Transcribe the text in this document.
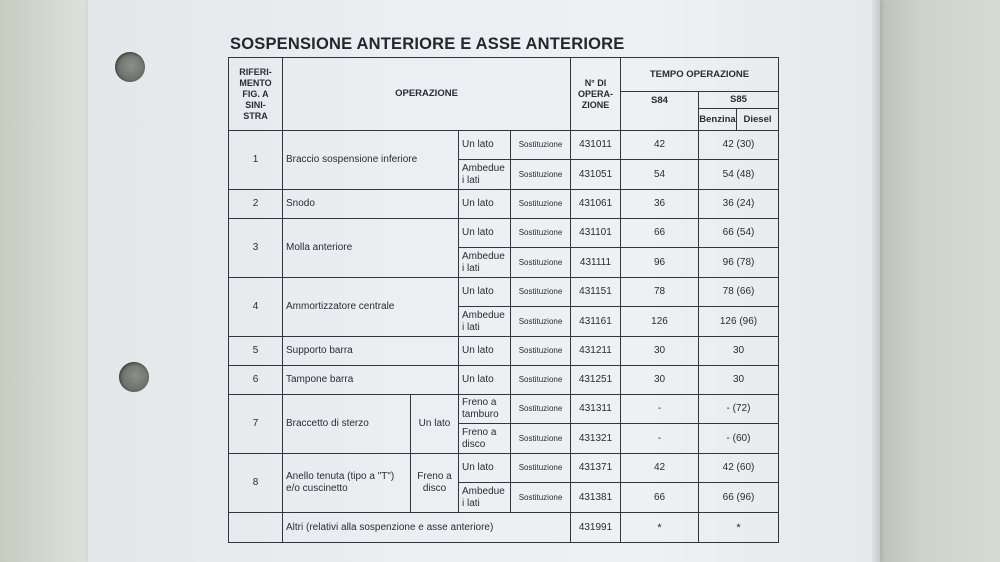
SOSPENSIONE ANTERIORE E ASSE ANTERIORE
RIFERI-
MENTO
FIG. A
SINI-
STRA	OPERAZIONE				N° DI
OPERA-
ZIONE	TEMPO OPERAZIONE		
						S84	S85	
							Benzina	Diesel
1	Braccio sospensione inferiore		Un lato	Sostituzione	431011	42	42 (30)	
			Ambedue i lati	Sostituzione	431051	54	54 (48)	
2	Snodo		Un lato	Sostituzione	431061	36	36 (24)	
3	Molla anteriore		Un lato	Sostituzione	431101	66	66 (54)	
			Ambedue i lati	Sostituzione	431111	96	96 (78)	
4	Ammortizzatore centrale		Un lato	Sostituzione	431151	78	78 (66)	
			Ambedue i lati	Sostituzione	431161	126	126 (96)	
5	Supporto barra		Un lato	Sostituzione	431211	30	30	
6	Tampone barra		Un lato	Sostituzione	431251	30	30	
7	Braccetto di sterzo	Un lato	Freno a tamburo	Sostituzione	431311	-	- (72)	
			Freno a disco	Sostituzione	431321	-	- (60)	
8	Anello tenuta (tipo a "T") e/o cuscinetto	Freno a disco	Un lato	Sostituzione	431371	42	42 (60)	
			Ambedue i lati	Sostituzione	431381	66	66 (96)	
	Altri (relativi alla sospenzione e asse anteriore)				431991	*	*	
